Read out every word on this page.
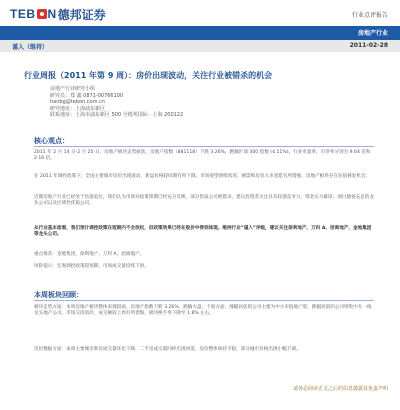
TEB N 德邦证券	行业点评报告
房地产行业
谨入（维持）	2011-02-28
行业周报（2011 年第 9 周）：房价出现波动，关注行业被错杀的机会
房地产行业研究小组
研究员：郑 鑫 0871-00766100
hanbg@tebon.com.cn
研究地址：上海浦东新区
联系地址：上海市浦东新区 500 号德邦国际 · 上海 200122
核心观点：
2011 年 2 月 14 日-2 月 25 日，房地产板块走势疲软，房地产指数（881118）下跌 3.26%，跑输沪深 300 指数 (4.11%)。行业市盈率、市净率分别为 9.64 倍和 2.16 倍。
在 2011 年调控政策下，全国主要城市房价出现波动，新盘价格较同期有所下降。市场观望情绪浓厚，刚需购房者入市意愿有所增强，房地产板块存在估值修复机会。
近期房地产行业已经处于估值低位，我们认为市场对政策预期已经充分反映，部分优质公司被错杀，建议投资者关注具有较强竞争力、资金实力雄厚、项目储备充足的龙头公司以及区域性优质公司。
从行业基本面看，我们预计调控政策在短期内不会放松，但政策效果已经在股价中得到体现。维持行业“谨入”评级，建议关注保利地产、万科 A、招商地产、金地集团等龙头公司。
重点推荐：金地集团、保利地产、万科 A、招商地产。
风险提示：宏观调控政策超预期、市场成交量持续下滑。
本周板块回顾：
板块走势方面：本周房地产板块整体表现较弱，房地产指数下跌 3.26%，跑输大盘。个股方面，涨幅居前的公司主要为中小市值地产股，跌幅居前的公司则集中在一线龙头地产公司。市场交投清淡，成交额较上周有所萎缩，板块换手率下降至 1.8% 左右。
房价数据方面：本周主要城市新房成交量环比下降，二手房成交量同样出现回落，房价整体保持平稳，部分城市价格出现小幅下调。
请务必阅读正文之后的信息披露及免责声明
